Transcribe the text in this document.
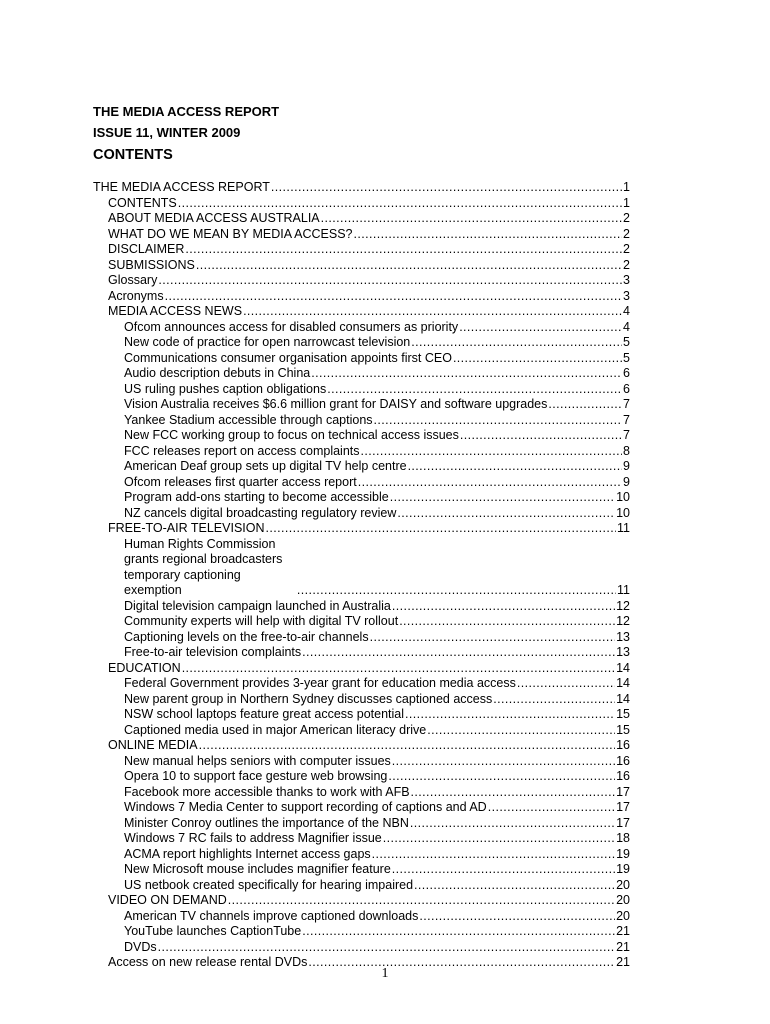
THE MEDIA ACCESS REPORT
ISSUE 11, WINTER 2009
CONTENTS
THE MEDIA ACCESS REPORT .....	1
CONTENTS .....	1
ABOUT MEDIA ACCESS AUSTRALIA .....	2
WHAT DO WE MEAN BY MEDIA ACCESS? .....	2
DISCLAIMER .....	2
SUBMISSIONS .....	2
Glossary .....	3
Acronyms .....	3
MEDIA ACCESS NEWS .....	4
Ofcom announces access for disabled consumers as priority .....	4
New code of practice for open narrowcast television .....	5
Communications consumer organisation appoints first CEO .....	5
Audio description debuts in China .....	6
US ruling pushes caption obligations .....	6
Vision Australia receives $6.6 million grant for DAISY and software upgrades .....	7
Yankee Stadium accessible through captions .....	7
New FCC working group to focus on technical access issues .....	7
FCC releases report on access complaints .....	8
American Deaf group sets up digital TV help centre .....	9
Ofcom releases first quarter access report .....	9
Program add-ons starting to become accessible .....	10
NZ cancels digital broadcasting regulatory review .....	10
FREE-TO-AIR TELEVISION .....	11
Human Rights Commission grants regional broadcasters temporary captioning exemption .....	11
Digital television campaign launched in Australia .....	12
Community experts will help with digital TV rollout .....	12
Captioning levels on the free-to-air channels .....	13
Free-to-air television complaints .....	13
EDUCATION .....	14
Federal Government provides 3-year grant for education media access .....	14
New parent group in Northern Sydney discusses captioned access .....	14
NSW school laptops feature great access potential .....	15
Captioned media used in major American literacy drive .....	15
ONLINE MEDIA .....	16
New manual helps seniors with computer issues .....	16
Opera 10 to support face gesture web browsing .....	16
Facebook more accessible thanks to work with AFB .....	17
Windows 7 Media Center to support recording of captions and AD .....	17
Minister Conroy outlines the importance of the NBN .....	17
Windows 7 RC fails to address Magnifier issue .....	18
ACMA report highlights Internet access gaps .....	19
New Microsoft mouse includes magnifier feature .....	19
US netbook created specifically for hearing impaired .....	20
VIDEO ON DEMAND .....	20
American TV channels improve captioned downloads .....	20
YouTube launches CaptionTube .....	21
DVDs .....	21
Access on new release rental DVDs .....	21
1
